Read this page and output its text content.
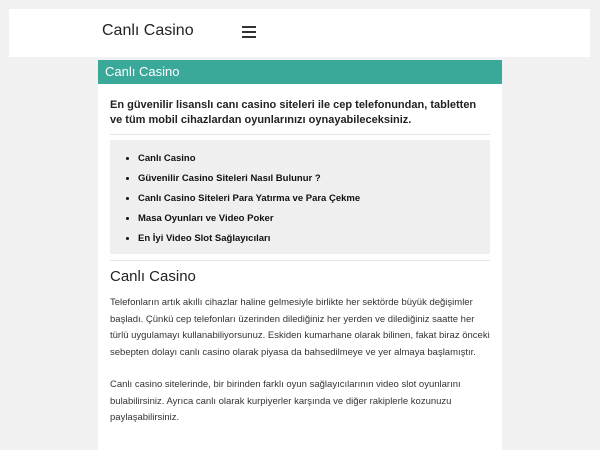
Canlı Casino
Canlı Casino
En güvenilir lisanslı canı casino siteleri ile cep telefonundan, tabletten ve tüm mobil cihazlardan oyunlarınızı oynayabileceksiniz.
• Canlı Casino
• Güvenilir Casino Siteleri Nasıl Bulunur ?
• Canlı Casino Siteleri Para Yatırma ve Para Çekme
• Masa Oyunları ve Video Poker
• En İyi Video Slot Sağlayıcıları
Canlı Casino

Telefonların artık akıllı cihazlar haline gelmesiyle birlikte her sektörde büyük değişimler başladı. Çünkü cep telefonları üzerinden dilediğiniz her yerden ve dilediğiniz saatte her türlü uygulamayı kullanabiliyorsunuz. Eskiden kumarhane olarak bilinen, fakat biraz önceki sebepten dolayı canlı casino olarak piyasa da bahsedilmeye ve yer almaya başlamıştır.

Canlı casino sitelerinde, bir birinden farklı oyun sağlayıcılarının video slot oyunlarını bulabilirsiniz. Ayrıca canlı olarak kurpiyerler karşında ve diğer rakiplerle kozunuzu paylaşabilirsiniz.
